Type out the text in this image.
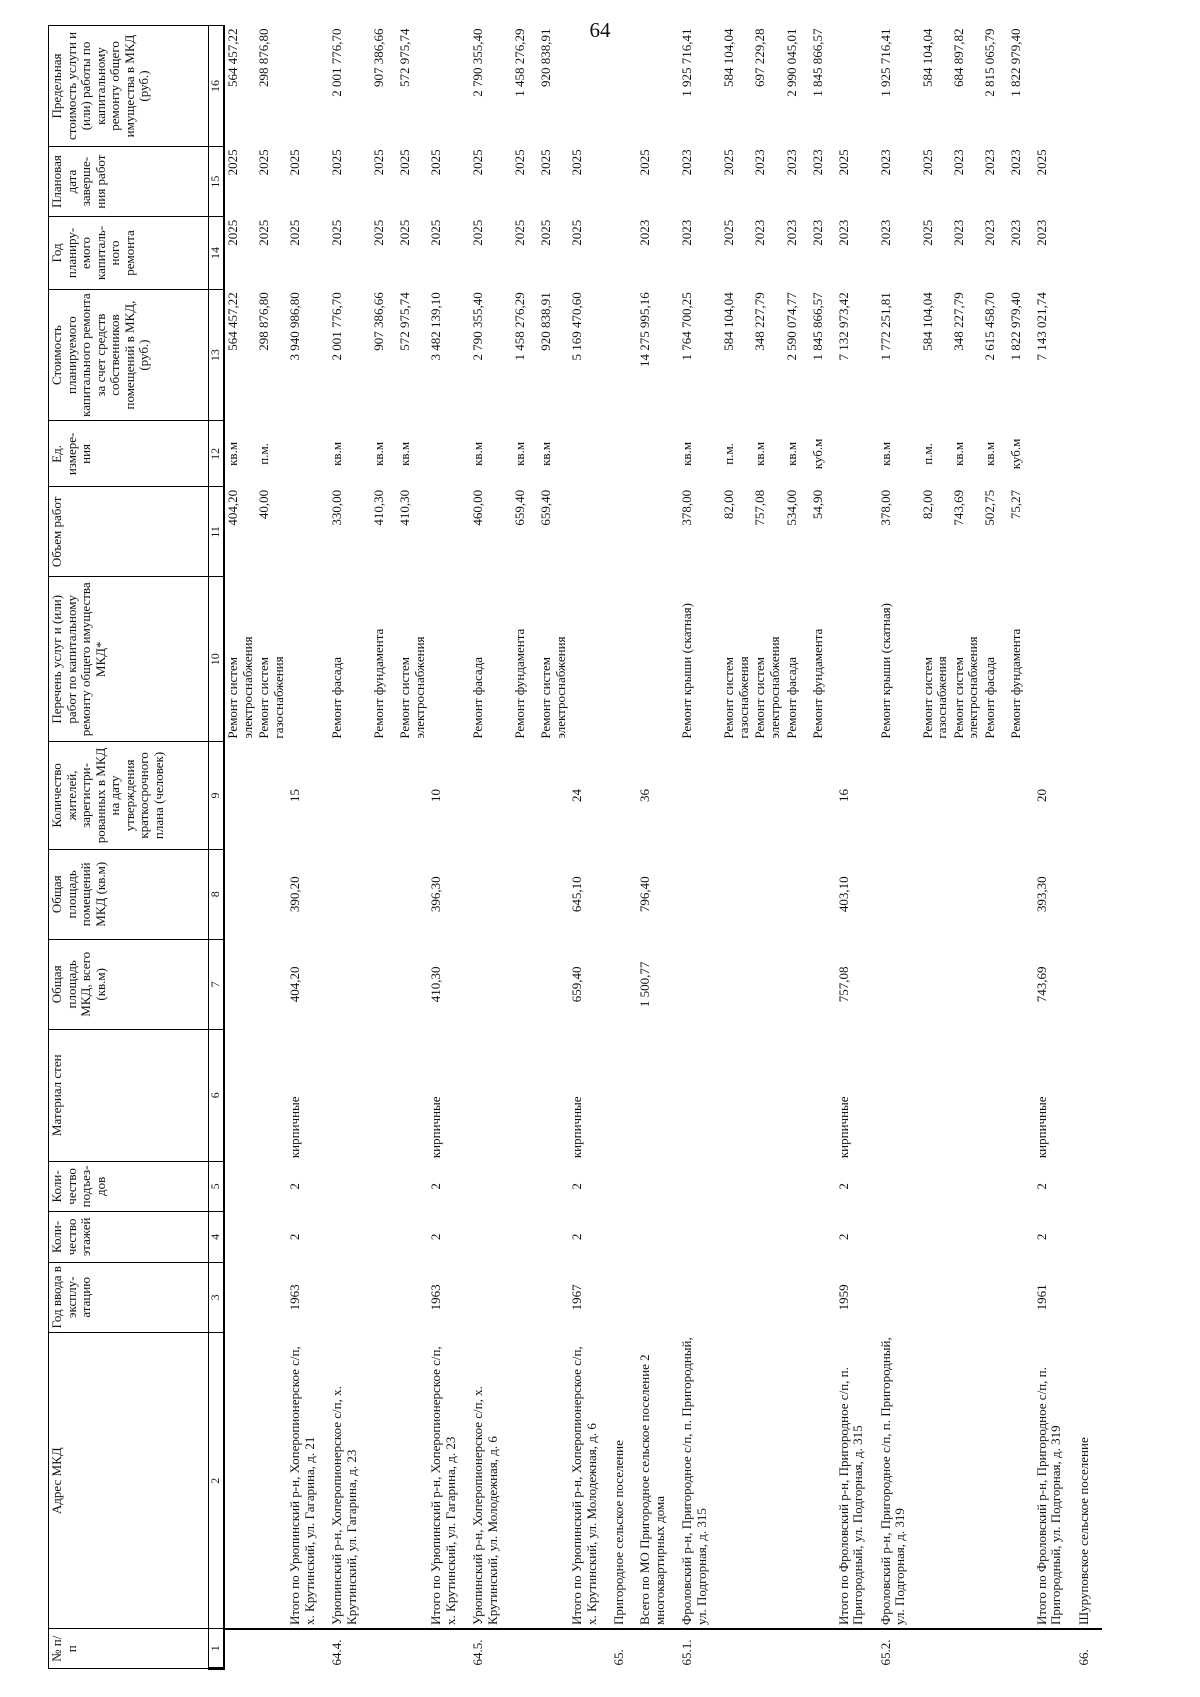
64
№ п/п	Адрес МКД	Год ввода в эксплу-атацию	Коли-чество этажей	Коли-чество подъез-дов	Материал стен	Общая площадь МКД, всего (кв.м)	Общая площадь помещений МКД (кв.м)	Количество жителей, зарегистри-рованных в МКД на дату утверждения краткосрочного плана (человек)	Перечень услуг и (или) работ по капитальному ремонту общего имущества МКД*	Объем работ	Ед. измере-ния	Стоимость планируемого капитального ремонта за счет средств собственников помещений в МКД, (руб.)	Год планиру-емого капиталь-ного ремонта	Плановая дата заверше-ния работ	Предельная стоимость услуги и (или) работы по капитальному ремонту общего имущества в МКД (руб.)
1	2	3	4	5	6	7	8	9	10	11	12	13	14	15	16
									Ремонт систем электроснабжения	404,20	кв.м	564 457,22	2025	2025	564 457,22
									Ремонт систем газоснабжения	40,00	п.м.	298 876,80	2025	2025	298 876,80
	Итого по Урюпинский р-н, Хоперопионерское с/п, х. Крутинский, ул. Гагарина, д. 21	1963	2	2	кирпичные	404,20	390,20	15				3 940 986,80	2025	2025	
64.4.	Урюпинский р-н, Хоперопионерское с/п, х. Крутинский, ул. Гагарина, д. 23								Ремонт фасада	330,00	кв.м	2 001 776,70	2025	2025	2 001 776,70
									Ремонт фундамента	410,30	кв.м	907 386,66	2025	2025	907 386,66
									Ремонт систем электроснабжения	410,30	кв.м	572 975,74	2025	2025	572 975,74
	Итого по Урюпинский р-н, Хоперопионерское с/п, х. Крутинский, ул. Гагарина, д. 23	1963	2	2	кирпичные	410,30	396,30	10				3 482 139,10	2025	2025	
64.5.	Урюпинский р-н, Хоперопионерское с/п, х. Крутинский, ул. Молодежная, д. 6								Ремонт фасада	460,00	кв.м	2 790 355,40	2025	2025	2 790 355,40
									Ремонт фундамента	659,40	кв.м	1 458 276,29	2025	2025	1 458 276,29
									Ремонт систем электроснабжения	659,40	кв.м	920 838,91	2025	2025	920 838,91
	Итого по Урюпинский р-н, Хоперопионерское с/п, х. Крутинский, ул. Молодежная, д. 6	1967	2	2	кирпичные	659,40	645,10	24				5 169 470,60	2025	2025	
65.	Пригородное сельское поселение														
	Всего по МО Пригородное сельское поселение 2 многоквартирных дома					1 500,77	796,40	36				14 275 995,16	2023	2025	
65.1.	Фроловский р-н, Пригородное с/п, п. Пригородный, ул. Подгорная, д. 315								Ремонт крыши (скатная)	378,00	кв.м	1 764 700,25	2023	2023	1 925 716,41
									Ремонт систем газоснабжения	82,00	п.м.	584 104,04	2025	2025	584 104,04
									Ремонт систем электроснабжения	757,08	кв.м	348 227,79	2023	2023	697 229,28
									Ремонт фасада	534,00	кв.м	2 590 074,77	2023	2023	2 990 045,01
									Ремонт фундамента	54,90	куб.м	1 845 866,57	2023	2023	1 845 866,57
	Итого по Фроловский р-н, Пригородное с/п, п. Пригородный, ул. Подгорная, д. 315	1959	2	2	кирпичные	757,08	403,10	16				7 132 973,42	2023	2025	
65.2.	Фроловский р-н, Пригородное с/п, п. Пригородный, ул. Подгорная, д. 319								Ремонт крыши (скатная)	378,00	кв.м	1 772 251,81	2023	2023	1 925 716,41
									Ремонт систем газоснабжения	82,00	п.м.	584 104,04	2025	2025	584 104,04
									Ремонт систем электроснабжения	743,69	кв.м	348 227,79	2023	2023	684 897,82
									Ремонт фасада	502,75	кв.м	2 615 458,70	2023	2023	2 815 065,79
									Ремонт фундамента	75,27	куб.м	1 822 979,40	2023	2023	1 822 979,40
	Итого по Фроловский р-н, Пригородное с/п, п. Пригородный, ул. Подгорная, д. 319	1961	2	2	кирпичные	743,69	393,30	20				7 143 021,74	2023	2025	
66.	Шуруповское сельское поселение														
